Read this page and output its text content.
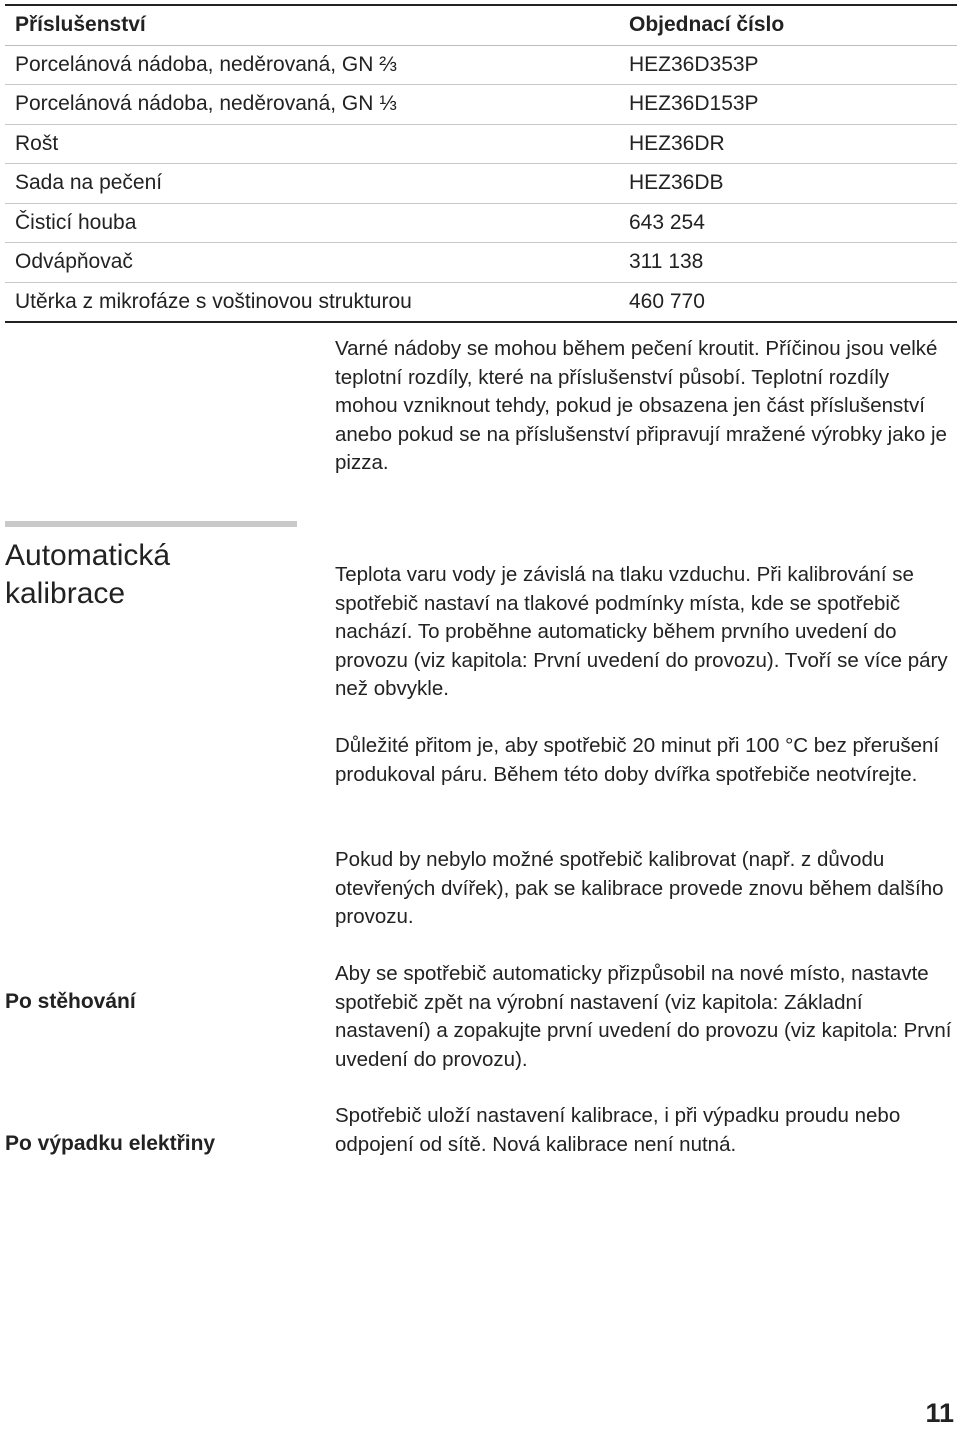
Příslušenství	Objednací číslo
Porcelánová nádoba, neděrovaná, GN ⅔	HEZ36D353P
Porcelánová nádoba, neděrovaná, GN ⅓	HEZ36D153P
Rošt	HEZ36DR
Sada na pečení	HEZ36DB
Čisticí houba	643 254
Odvápňovač	311 138
Utěrka z mikrofáze s voštinovou strukturou	460 770

Varné nádoby se mohou během pečení kroutit. Příčinou jsou velké teplotní rozdíly, které na příslušenství působí. Teplotní rozdíly mohou vzniknout tehdy, pokud je obsazena jen část příslušenství anebo pokud se na příslušenství připravují mražené výrobky jako je pizza.

Automatická
kalibrace

Teplota varu vody je závislá na tlaku vzduchu. Při kalibrování se spotřebič nastaví na tlakové podmínky místa, kde se spotřebič nachází. To proběhne automaticky během prvního uvedení do provozu (viz kapitola: První uvedení do provozu). Tvoří se více páry než obvykle.

Důležité přitom je, aby spotřebič 20 minut při 100 °C bez přerušení produkoval páru. Během této doby dvířka spotřebiče neotvírejte.

Pokud by nebylo možné spotřebič kalibrovat (např. z důvodu otevřených dvířek), pak se kalibrace provede znovu během dalšího provozu.

Po stěhování

Aby se spotřebič automaticky přizpůsobil na nové místo, nastavte spotřebič zpět na výrobní nastavení (viz kapitola: Základní nastavení) a zopakujte první uvedení do provozu (viz kapitola: První uvedení do provozu).

Po výpadku elektřiny

Spotřebič uloží nastavení kalibrace, i při výpadku proudu nebo odpojení od sítě. Nová kalibrace není nutná.

11
